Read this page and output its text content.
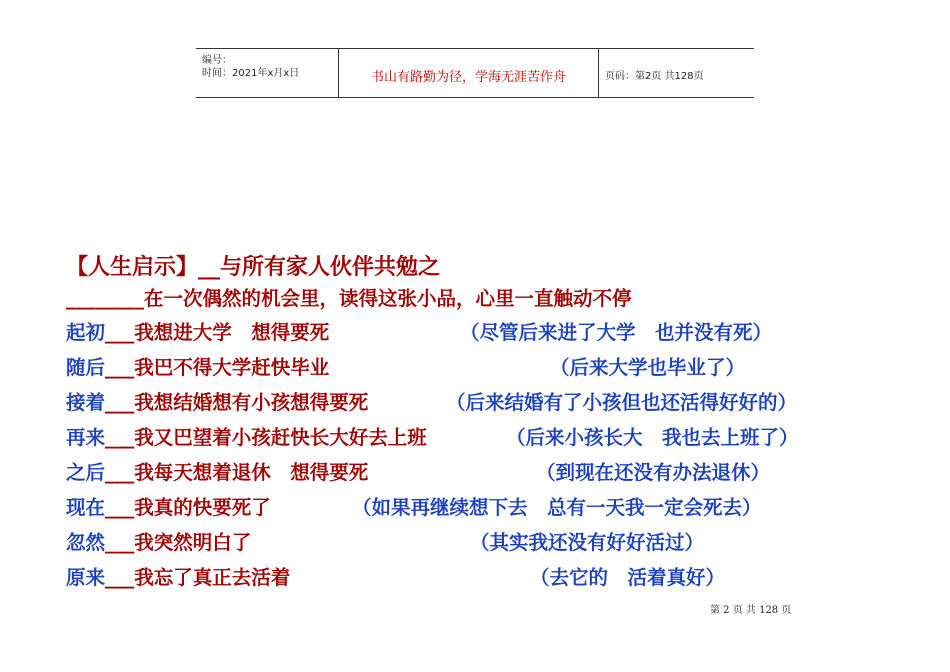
编号：
时间：2021年x月x日	书山有路勤为径，学海无涯苦作舟	页码：第2页 共128页
【人生启示】__与所有家人伙伴共勉之
________在一次偶然的机会里，读得这张小品，心里一直触动不停
起初___我想进大学　想得要死	（尽管后来进了大学　也并没有死）
随后___我巴不得大学赶快毕业	（后来大学也毕业了）
接着___我想结婚想有小孩想得要死	（后来结婚有了小孩但也还活得好好的）
再来___我又巴望着小孩赶快长大好去上班	（后来小孩长大　我也去上班了）
之后___我每天想着退休　想得要死	（到现在还没有办法退休）
现在___我真的快要死了	（如果再继续想下去　总有一天我一定会死去）
忽然___我突然明白了	（其实我还没有好好活过）
原来___我忘了真正去活着	（去它的　活着真好）
第 2 页 共 128 页
